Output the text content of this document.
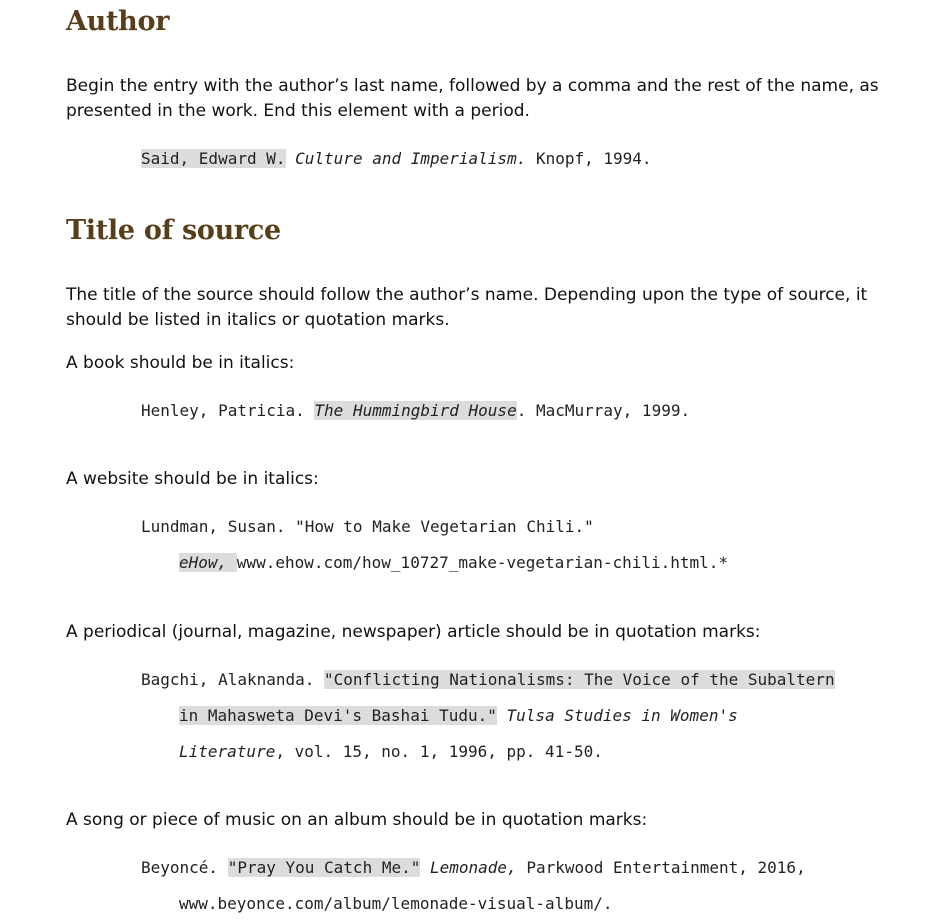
Author

Begin the entry with the author’s last name, followed by a comma and the rest of the name, as presented in the work. End this element with a period.

Said, Edward W. Culture and Imperialism. Knopf, 1994.
Title of source

The title of the source should follow the author’s name. Depending upon the type of source, it should be listed in italics or quotation marks.

A book should be in italics:

Henley, Patricia. The Hummingbird House. MacMurray, 1999.

A website should be in italics:

Lundman, Susan. "How to Make Vegetarian Chili."
eHow, www.ehow.com/how_10727_make-vegetarian-chili.html.*

A periodical (journal, magazine, newspaper) article should be in quotation marks:

Bagchi, Alaknanda. "Conflicting Nationalisms: The Voice of the Subaltern
in Mahasweta Devi's Bashai Tudu." Tulsa Studies in Women's
Literature, vol. 15, no. 1, 1996, pp. 41-50.

A song or piece of music on an album should be in quotation marks:

Beyoncé. "Pray You Catch Me." Lemonade, Parkwood Entertainment, 2016,
www.beyonce.com/album/lemonade-visual-album/.
